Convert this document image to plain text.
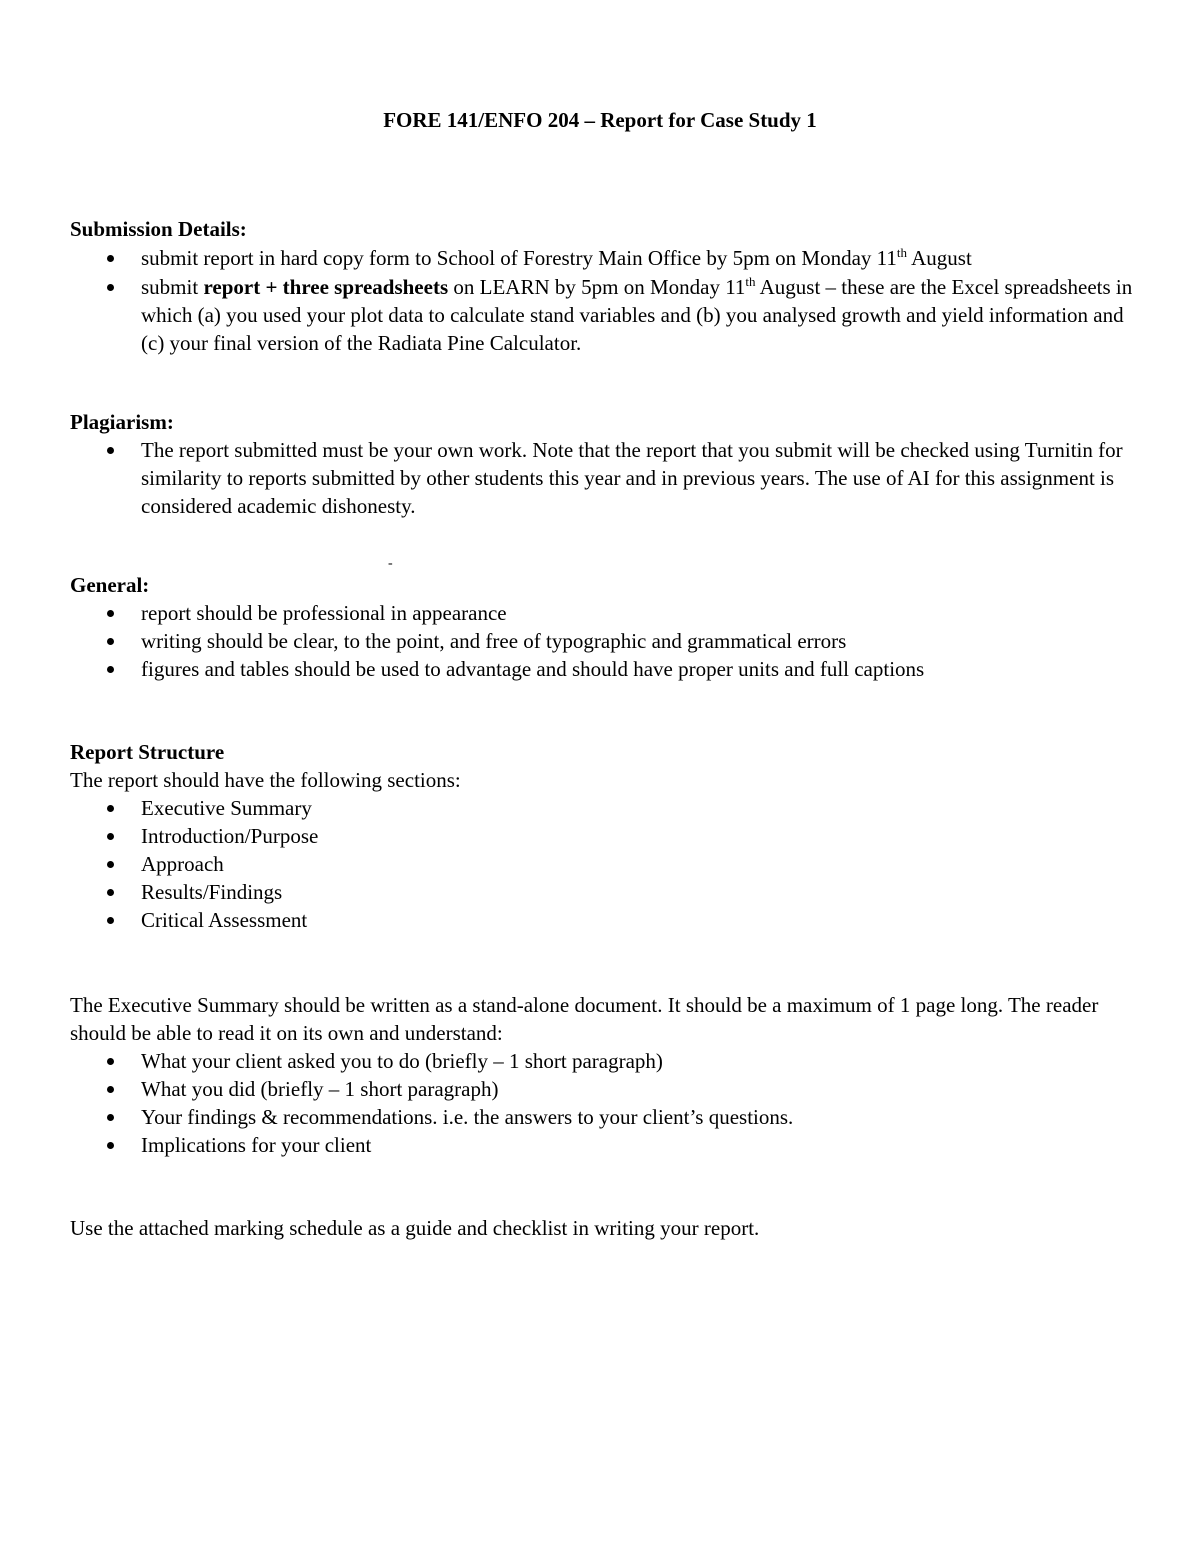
FORE 141/ENFO 204 – Report for Case Study 1

Submission Details:

submit report in hard copy form to School of Forestry Main Office by 5pm on Monday 11th August
submit report + three spreadsheets on LEARN by 5pm on Monday 11th August – these are the Excel spreadsheets in which (a) you used your plot data to calculate stand variables and (b) you analysed growth and yield information and (c) your final version of the Radiata Pine Calculator.

Plagiarism:

The report submitted must be your own work. Note that the report that you submit will be checked using Turnitin for similarity to reports submitted by other students this year and in previous years. The use of AI for this assignment is considered academic dishonesty.
-

General:

report should be professional in appearance
writing should be clear, to the point, and free of typographic and grammatical errors
figures and tables should be used to advantage and should have proper units and full captions

Report Structure

The report should have the following sections:

Executive Summary
Introduction/Purpose
Approach
Results/Findings
Critical Assessment

The Executive Summary should be written as a stand-alone document. It should be a maximum of 1 page long. The reader should be able to read it on its own and understand:

What your client asked you to do (briefly – 1 short paragraph)
What you did (briefly – 1 short paragraph)
Your findings & recommendations. i.e. the answers to your client’s questions.
Implications for your client

Use the attached marking schedule as a guide and checklist in writing your report.
